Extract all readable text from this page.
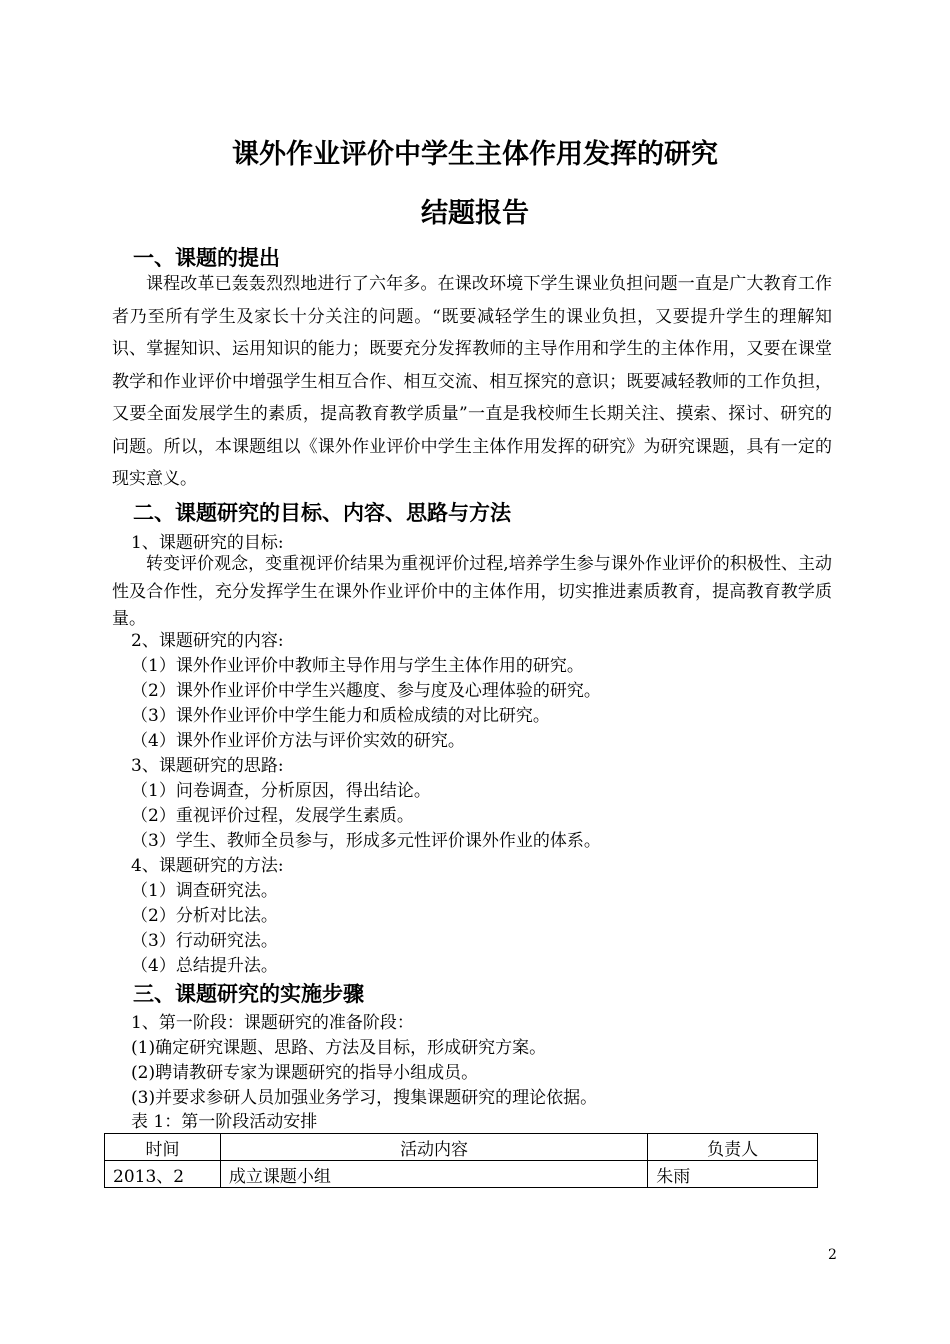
课外作业评价中学生主体作用发挥的研究
结题报告
一、课题的提出
课程改革已轰轰烈烈地进行了六年多。在课改环境下学生课业负担问题一直是广大教育工作者乃至所有学生及家长十分关注的问题。“既要减轻学生的课业负担，又要提升学生的理解知识、掌握知识、运用知识的能力；既要充分发挥教师的主导作用和学生的主体作用，又要在课堂教学和作业评价中增强学生相互合作、相互交流、相互探究的意识；既要减轻教师的工作负担，又要全面发展学生的素质，提高教育教学质量”一直是我校师生长期关注、摸索、探讨、研究的问题。所以，本课题组以《课外作业评价中学生主体作用发挥的研究》为研究课题，具有一定的现实意义。
二、课题研究的目标、内容、思路与方法
1、课题研究的目标:
转变评价观念，变重视评价结果为重视评价过程,培养学生参与课外作业评价的积极性、主动性及合作性，充分发挥学生在课外作业评价中的主体作用，切实推进素质教育，提高教育教学质量。
2、课题研究的内容:
（1）课外作业评价中教师主导作用与学生主体作用的研究。
（2）课外作业评价中学生兴趣度、参与度及心理体验的研究。
（3）课外作业评价中学生能力和质检成绩的对比研究。
（4）课外作业评价方法与评价实效的研究。
3、课题研究的思路:
（1）问卷调查，分析原因，得出结论。
（2）重视评价过程，发展学生素质。
（3）学生、教师全员参与，形成多元性评价课外作业的体系。
4、课题研究的方法:
（1）调查研究法。
（2）分析对比法。
（3）行动研究法。
（4）总结提升法。
三、课题研究的实施步骤
1、第一阶段：课题研究的准备阶段：
(1)确定研究课题、思路、方法及目标，形成研究方案。
(2)聘请教研专家为课题研究的指导小组成员。
(3)并要求参研人员加强业务学习，搜集课题研究的理论依据。
表 1：第一阶段活动安排
时间	活动内容	负责人
2013、2	成立课题小组	朱雨
2
